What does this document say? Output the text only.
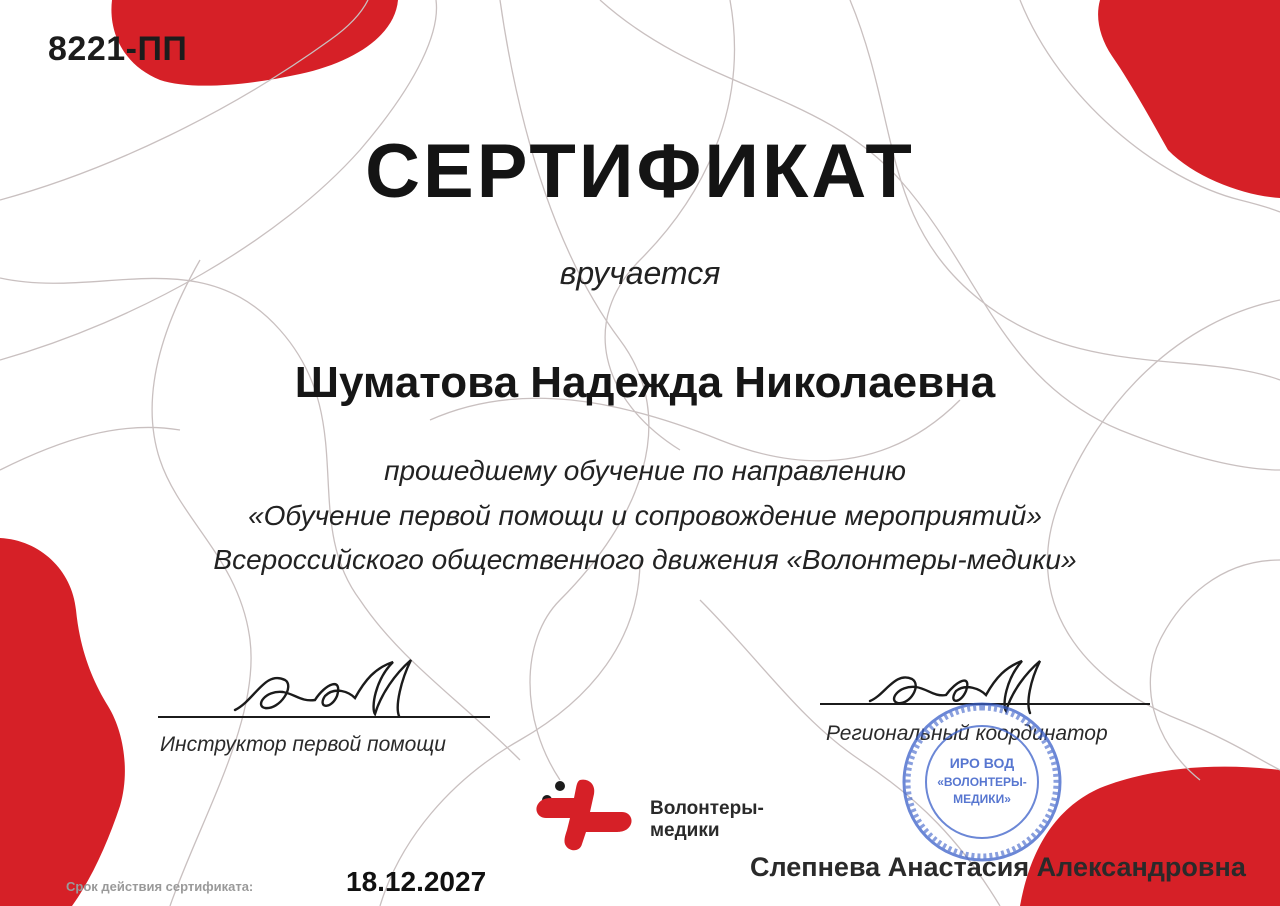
8221-ПП
СЕРТИФИКАТ
вручается
Шуматова Надежда Николаевна
прошедшему обучение по направлению
«Обучение первой помощи и сопровождение мероприятий»
Всероссийского общественного движения «Волонтеры-медики»
Инструктор первой помощи	Региональный координатор
ИРО ВОД
«ВОЛОНТЕРЫ-
МЕДИКИ»
Волонтеры-
медики
Слепнева Анастасия Александровна
Срок действия сертификата:	18.12.2027
